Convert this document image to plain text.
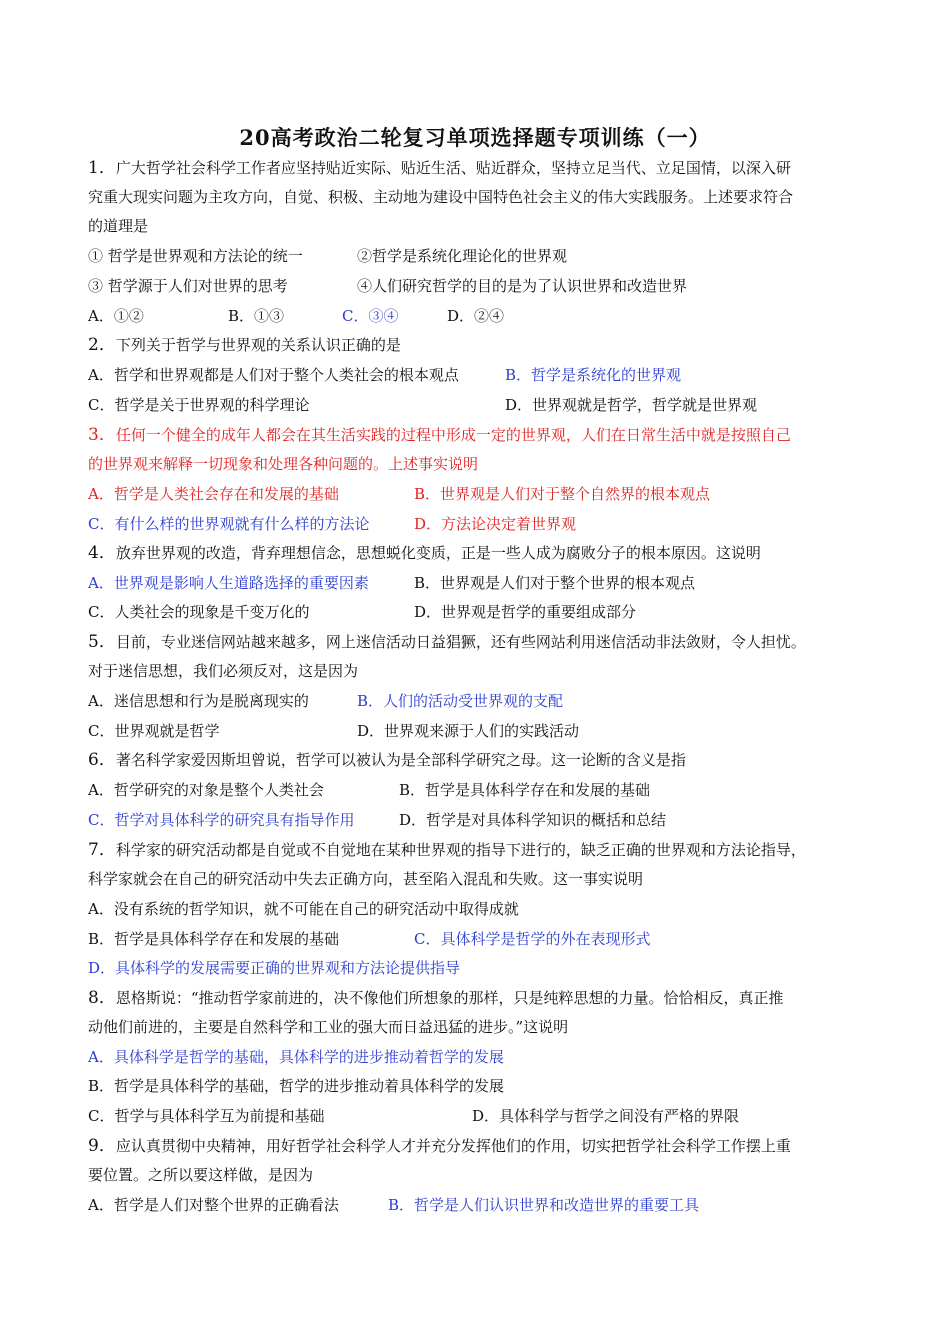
20高考政治二轮复习单项选择题专项训练（一）
1．广大哲学社会科学工作者应坚持贴近实际、贴近生活、贴近群众，坚持立足当代、立足国情，以深入研
究重大现实问题为主攻方向，自觉、积极、主动地为建设中国特色社会主义的伟大实践服务。上述要求符合
的道理是
① 哲学是世界观和方法论的统一	②哲学是系统化理论化的世界观
③ 哲学源于人们对世界的思考	④人们研究哲学的目的是为了认识世界和改造世界
A．①②	B．①③	C．③④	D．②④
2．下列关于哲学与世界观的关系认识正确的是
A．哲学和世界观都是人们对于整个人类社会的根本观点	B．哲学是系统化的世界观
C．哲学是关于世界观的科学理论	D．世界观就是哲学，哲学就是世界观
3．任何一个健全的成年人都会在其生活实践的过程中形成一定的世界观，人们在日常生活中就是按照自己
的世界观来解释一切现象和处理各种问题的。上述事实说明
A．哲学是人类社会存在和发展的基础	B．世界观是人们对于整个自然界的根本观点
C．有什么样的世界观就有什么样的方法论	D．方法论决定着世界观
4．放弃世界观的改造，背弃理想信念，思想蜕化变质，正是一些人成为腐败分子的根本原因。这说明
A．世界观是影响人生道路选择的重要因素	B．世界观是人们对于整个世界的根本观点
C．人类社会的现象是千变万化的	D．世界观是哲学的重要组成部分
5．目前，专业迷信网站越来越多，网上迷信活动日益猖獗，还有些网站利用迷信活动非法敛财，令人担忧。
对于迷信思想，我们必须反对，这是因为
A．迷信思想和行为是脱离现实的	B．人们的活动受世界观的支配
C．世界观就是哲学	D．世界观来源于人们的实践活动
6．著名科学家爱因斯坦曾说，哲学可以被认为是全部科学研究之母。这一论断的含义是指
A．哲学研究的对象是整个人类社会	B．哲学是具体科学存在和发展的基础
C．哲学对具体科学的研究具有指导作用	D．哲学是对具体科学知识的概括和总结
7．科学家的研究活动都是自觉或不自觉地在某种世界观的指导下进行的，缺乏正确的世界观和方法论指导，
科学家就会在自己的研究活动中失去正确方向，甚至陷入混乱和失败。这一事实说明
A．没有系统的哲学知识，就不可能在自己的研究活动中取得成就
B．哲学是具体科学存在和发展的基础	C．具体科学是哲学的外在表现形式
D．具体科学的发展需要正确的世界观和方法论提供指导
8．恩格斯说：“推动哲学家前进的，决不像他们所想象的那样，只是纯粹思想的力量。恰恰相反，真正推
动他们前进的，主要是自然科学和工业的强大而日益迅猛的进步。”这说明
A．具体科学是哲学的基础，具体科学的进步推动着哲学的发展
B．哲学是具体科学的基础，哲学的进步推动着具体科学的发展
C．哲学与具体科学互为前提和基础	D．具体科学与哲学之间没有严格的界限
9．应认真贯彻中央精神，用好哲学社会科学人才并充分发挥他们的作用，切实把哲学社会科学工作摆上重
要位置。之所以要这样做，是因为
A．哲学是人们对整个世界的正确看法	B．哲学是人们认识世界和改造世界的重要工具
